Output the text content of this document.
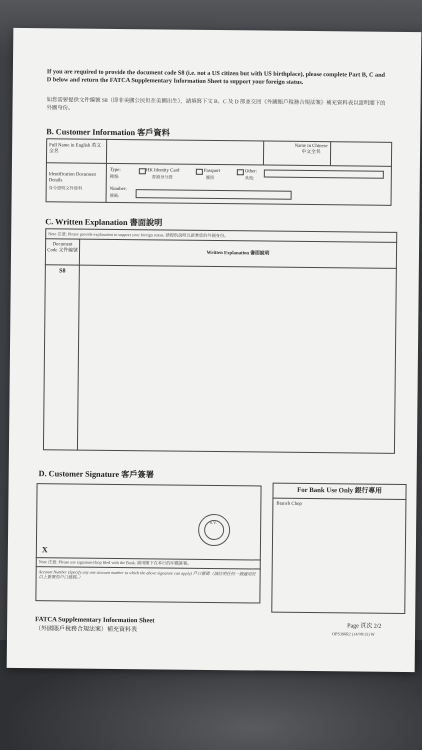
If you are required to provide the document code S8 (i.e. not a US citizen but with US birthplace), please complete Part B, C and D below and return the FATCA Supplementary Information Sheet to support your foreign status.
如您需要提供文件編號 S8（即非美國公民但在美國出生），請填寫下文 B、C 及 D 部並交回《外國賬戶稅務合規法案》補充資料表以證明閣下的外國身份。
B. Customer Information 客戶資料
Full Name in English 英文全名
Name in Chinese 中文全名
Identification Document Details
身分證明文件資料
Type:
種類:
HK Identity Card
香港身分證
Passport
護照
Other:
其他:
Number:
號碼:
C. Written Explanation 書面說明
Note 注意: Please provide explanation to support your foreign status. 請提供說明以證實您的外國身份。
Document Code 文件編號
Written Explanation 書面說明
S8
D. Customer Signature 客戶簽署
S.V.
X
Note 注意: Please use signature/chop filed with the Bank. 請用閣下在本行的印鑑簽署。
Account Number (Specify any one account number to which the above signature can apply) 戶口號碼（請註明任何一個適用於以上簽署的戶口號碼。）
For Bank Use Only 銀行專用
Branch Chop
FATCA Supplementary Information Sheet
（外國賬戶稅務合規法案）補充資料表	Page 頁次 2/2
OPS386R2 (14/08/15) W
